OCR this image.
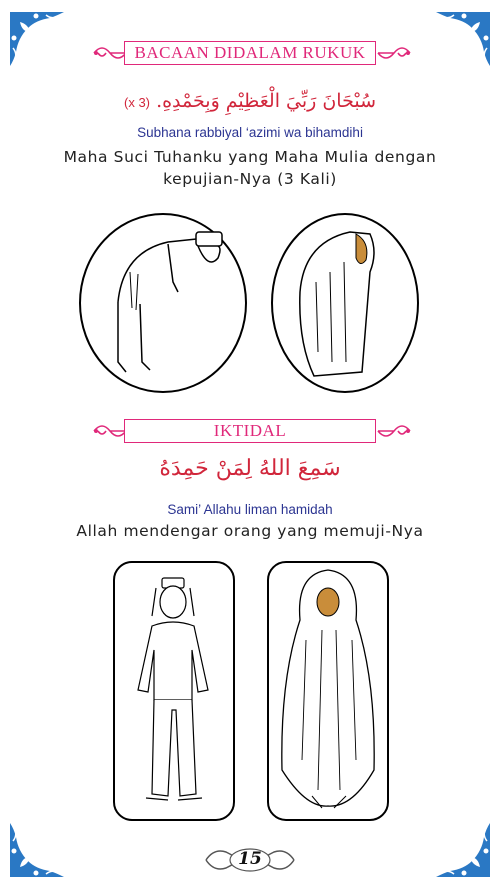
BACAAN DIDALAM RUKUK
سُبْحَانَ رَبِّيَ الْعَظِيْمِ وَبِحَمْدِهِ. (3 x)
Subhana rabbiyal ‘azimi wa bihamdihi
Maha Suci Tuhanku yang Maha Mulia dengan
kepujian-Nya (3 Kali)
IKTIDAL
سَمِعَ اللهُ لِمَنْ حَمِدَهُ
Sami’ Allahu liman hamidah
Allah mendengar orang yang memuji-Nya
15
